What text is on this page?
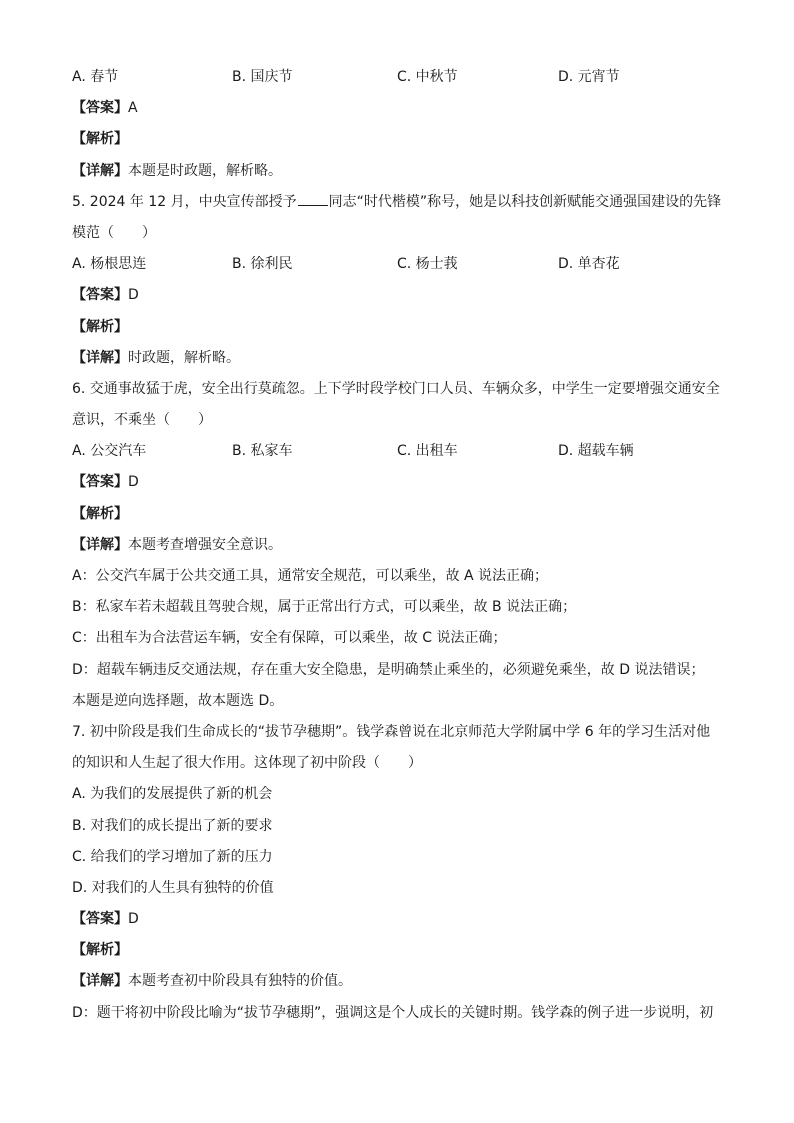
A. 春节	B. 国庆节	C. 中秋节	D. 元宵节
【答案】A
【解析】
【详解】本题是时政题，解析略。
5. 2024 年 12 月，中央宣传部授予 同志“时代楷模”称号，她是以科技创新赋能交通强国建设的先锋
模范（　　）
A. 杨根思连	B. 徐利民	C. 杨士莪	D. 单杏花
【答案】D
【解析】
【详解】时政题，解析略。
6. 交通事故猛于虎，安全出行莫疏忽。上下学时段学校门口人员、车辆众多，中学生一定要增强交通安全
意识，不乘坐（　　）
A. 公交汽车	B. 私家车	C. 出租车	D. 超载车辆
【答案】D
【解析】
【详解】本题考查增强安全意识。
A：公交汽车属于公共交通工具，通常安全规范，可以乘坐，故 A 说法正确；
B：私家车若未超载且驾驶合规，属于正常出行方式，可以乘坐，故 B 说法正确；
C：出租车为合法营运车辆，安全有保障，可以乘坐，故 C 说法正确；
D：超载车辆违反交通法规，存在重大安全隐患，是明确禁止乘坐的，必须避免乘坐，故 D 说法错误；
本题是逆向选择题，故本题选 D。
7. 初中阶段是我们生命成长的“拔节孕穗期”。钱学森曾说在北京师范大学附属中学 6 年的学习生活对他
的知识和人生起了很大作用。这体现了初中阶段（　　）
A. 为我们的发展提供了新的机会
B. 对我们的成长提出了新的要求
C. 给我们的学习增加了新的压力
D. 对我们的人生具有独特的价值
【答案】D
【解析】
【详解】本题考查初中阶段具有独特的价值。
D：题干将初中阶段比喻为“拔节孕穗期”，强调这是个人成长的关键时期。钱学森的例子进一步说明，初
